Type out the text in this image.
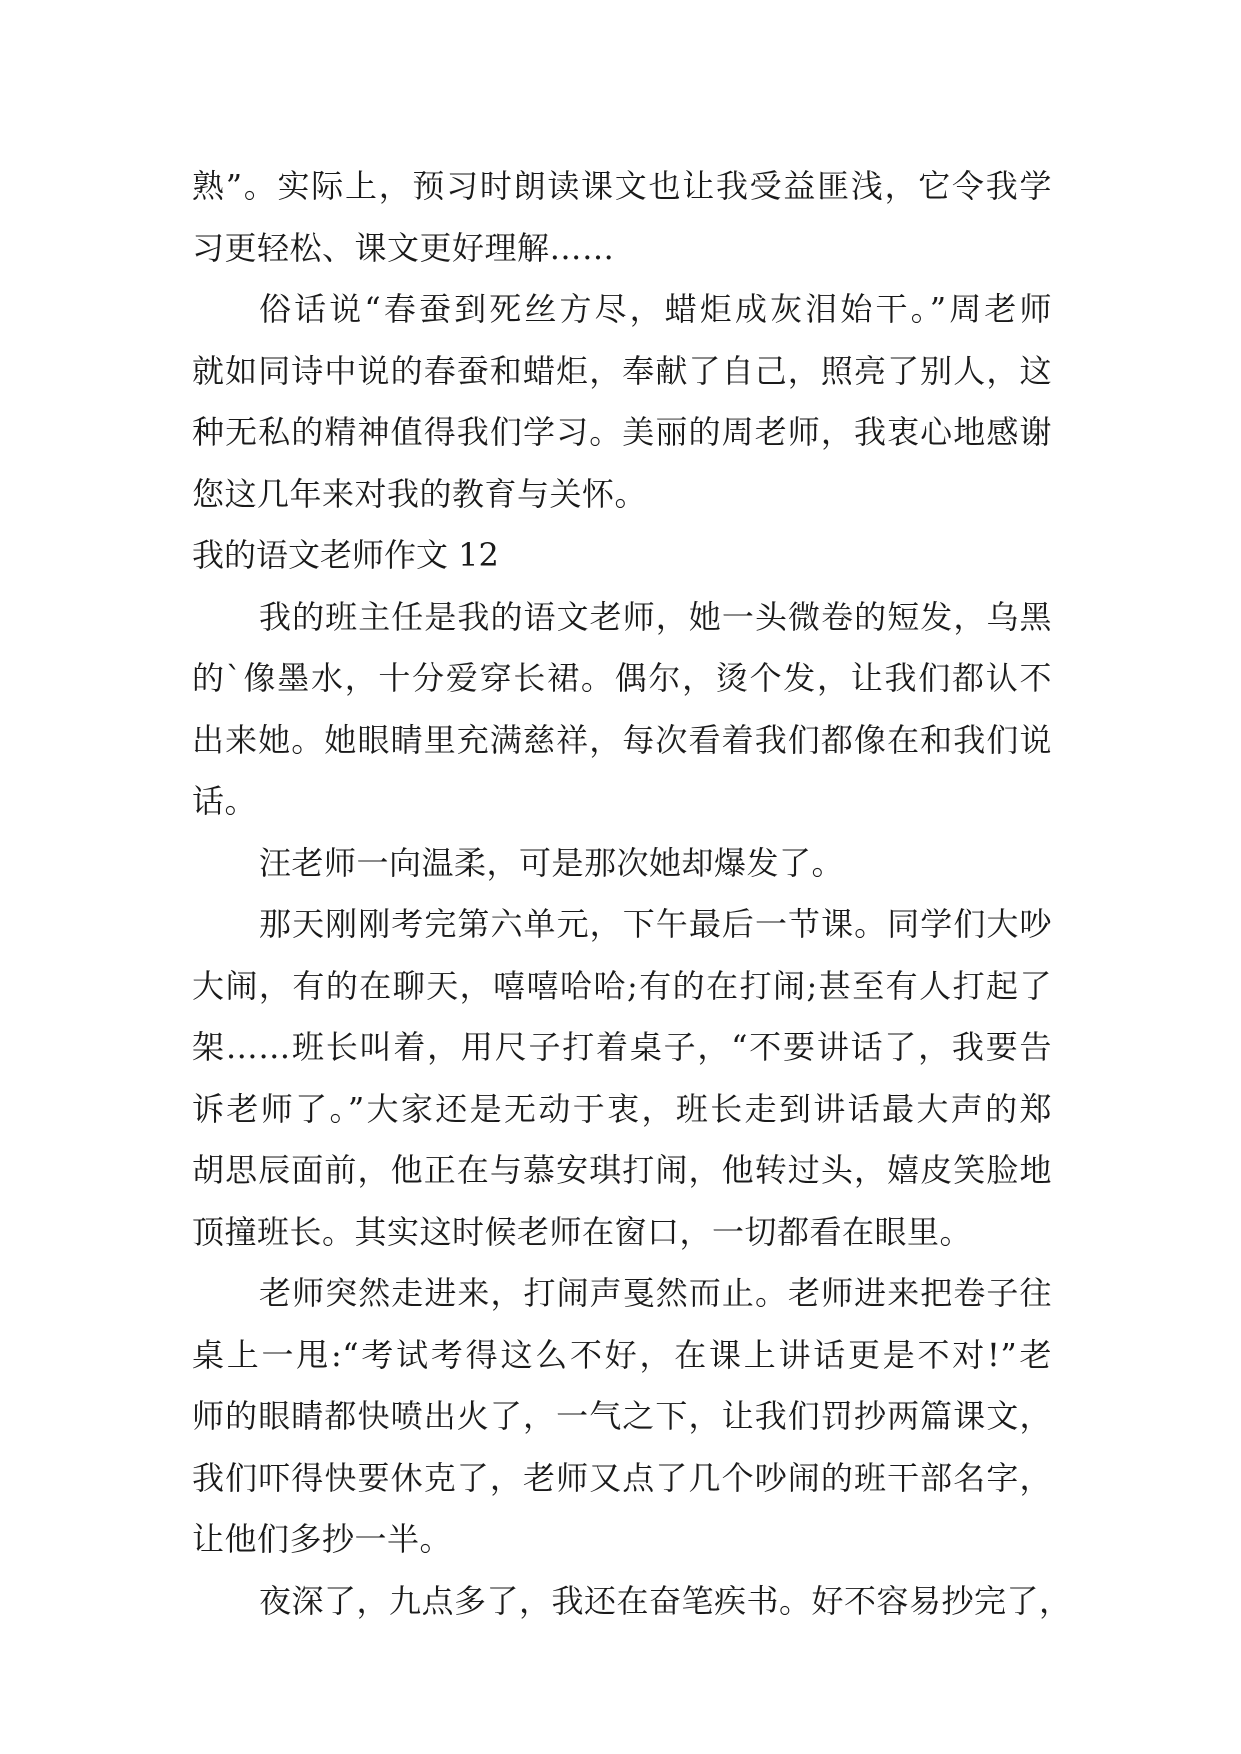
熟”。实际上，预习时朗读课文也让我受益匪浅，它令我学
习更轻松、课文更好理解……
俗话说“春蚕到死丝方尽，蜡炬成灰泪始干。”周老师
就如同诗中说的春蚕和蜡炬，奉献了自己，照亮了别人，这
种无私的精神值得我们学习。美丽的周老师，我衷心地感谢
您这几年来对我的教育与关怀。
我的语文老师作文 12
我的班主任是我的语文老师，她一头微卷的短发，乌黑
的`像墨水，十分爱穿长裙。偶尔，烫个发，让我们都认不
出来她。她眼睛里充满慈祥，每次看着我们都像在和我们说
话。
汪老师一向温柔，可是那次她却爆发了。
那天刚刚考完第六单元，下午最后一节课。同学们大吵
大闹，有的在聊天，嘻嘻哈哈;有的在打闹;甚至有人打起了
架……班长叫着，用尺子打着桌子，“不要讲话了，我要告
诉老师了。”大家还是无动于衷，班长走到讲话最大声的郑
胡思辰面前，他正在与慕安琪打闹，他转过头，嬉皮笑脸地
顶撞班长。其实这时候老师在窗口，一切都看在眼里。
老师突然走进来，打闹声戛然而止。老师进来把卷子往
桌上一甩:“考试考得这么不好，在课上讲话更是不对!”老
师的眼睛都快喷出火了，一气之下，让我们罚抄两篇课文，
我们吓得快要休克了，老师又点了几个吵闹的班干部名字，
让他们多抄一半。
夜深了，九点多了，我还在奋笔疾书。好不容易抄完了，
